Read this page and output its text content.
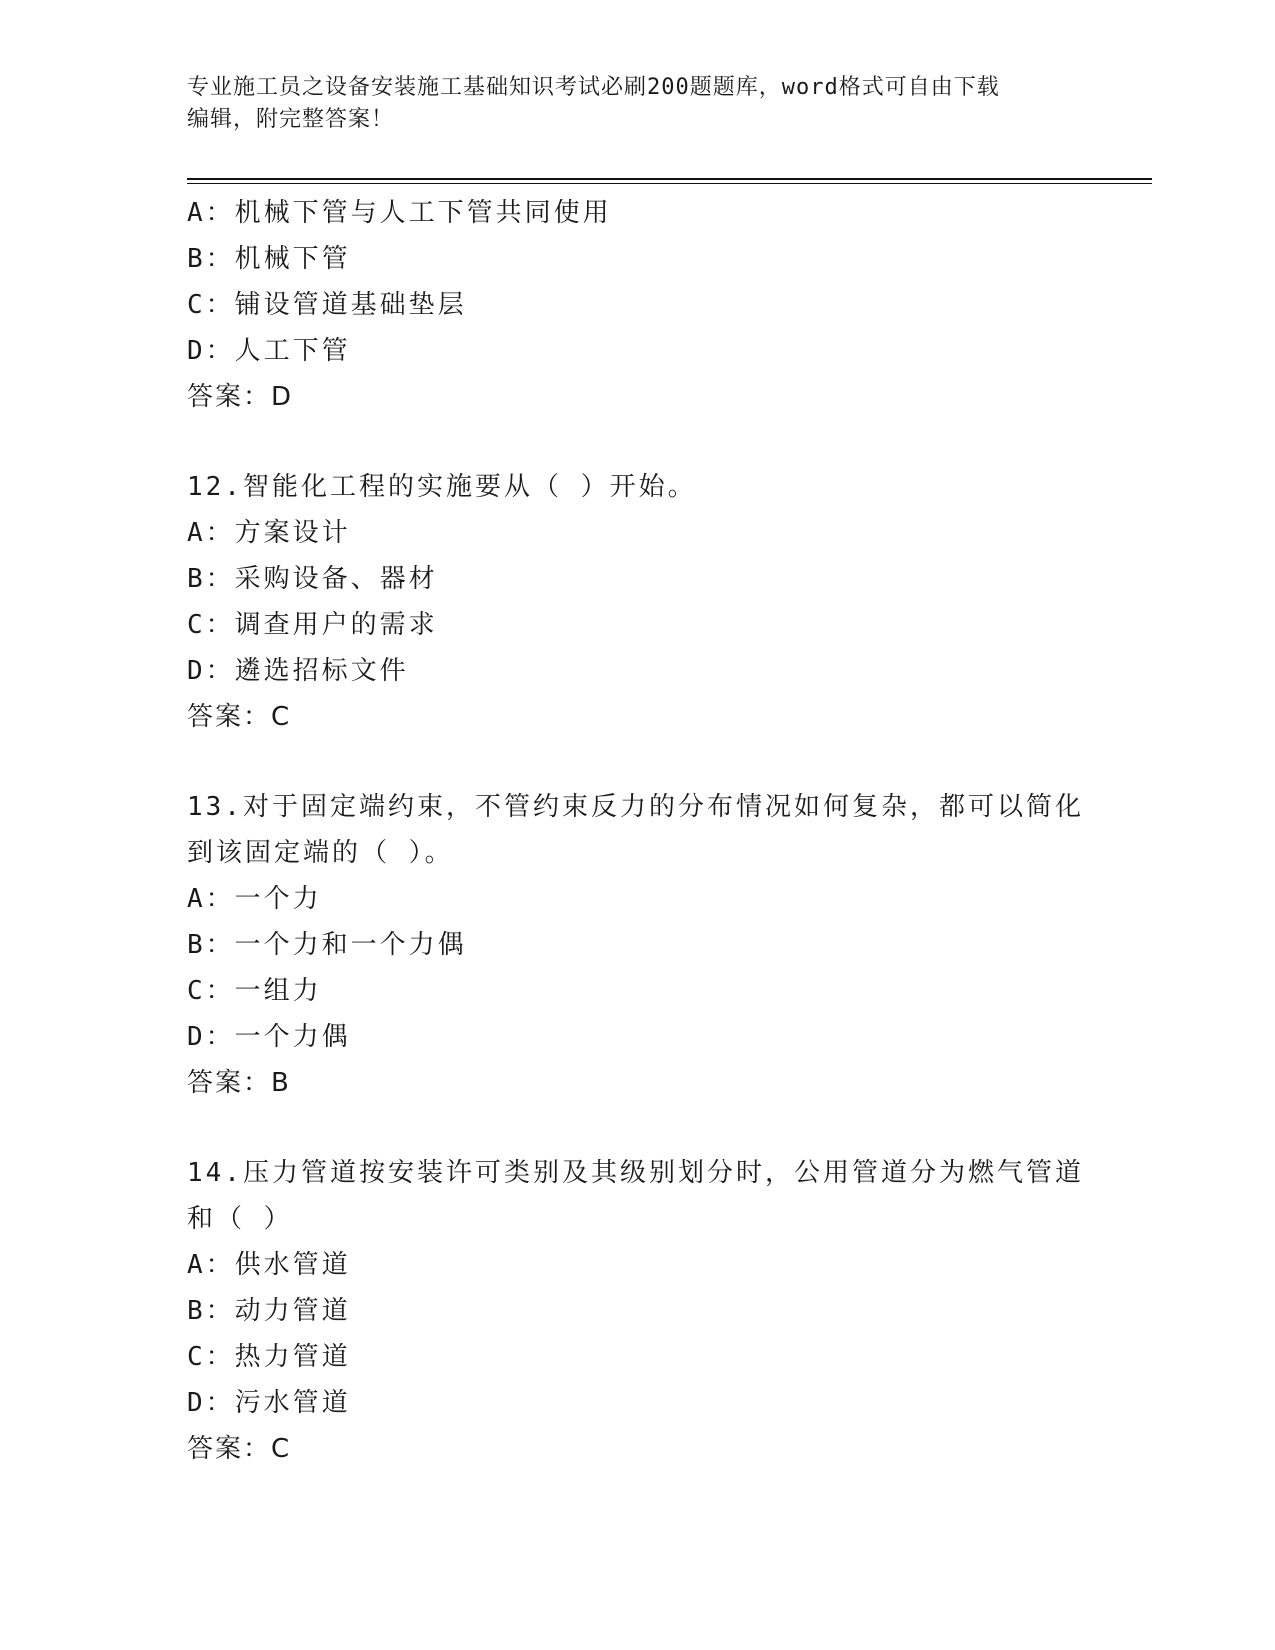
专业施工员之设备安装施工基础知识考试必刷200题题库，word格式可自由下载
编辑，附完整答案！
A：机械下管与人工下管共同使用
B：机械下管
C：铺设管道基础垫层
D：人工下管
答案：D
12.智能化工程的实施要从（ ）开始。
A：方案设计
B：采购设备、器材
C：调查用户的需求
D：遴选招标文件
答案：C
13.对于固定端约束，不管约束反力的分布情况如何复杂，都可以简化
到该固定端的（ ）。
A：一个力
B：一个力和一个力偶
C：一组力
D：一个力偶
答案：B
14.压力管道按安装许可类别及其级别划分时，公用管道分为燃气管道
和（ ）
A：供水管道
B：动力管道
C：热力管道
D：污水管道
答案：C
